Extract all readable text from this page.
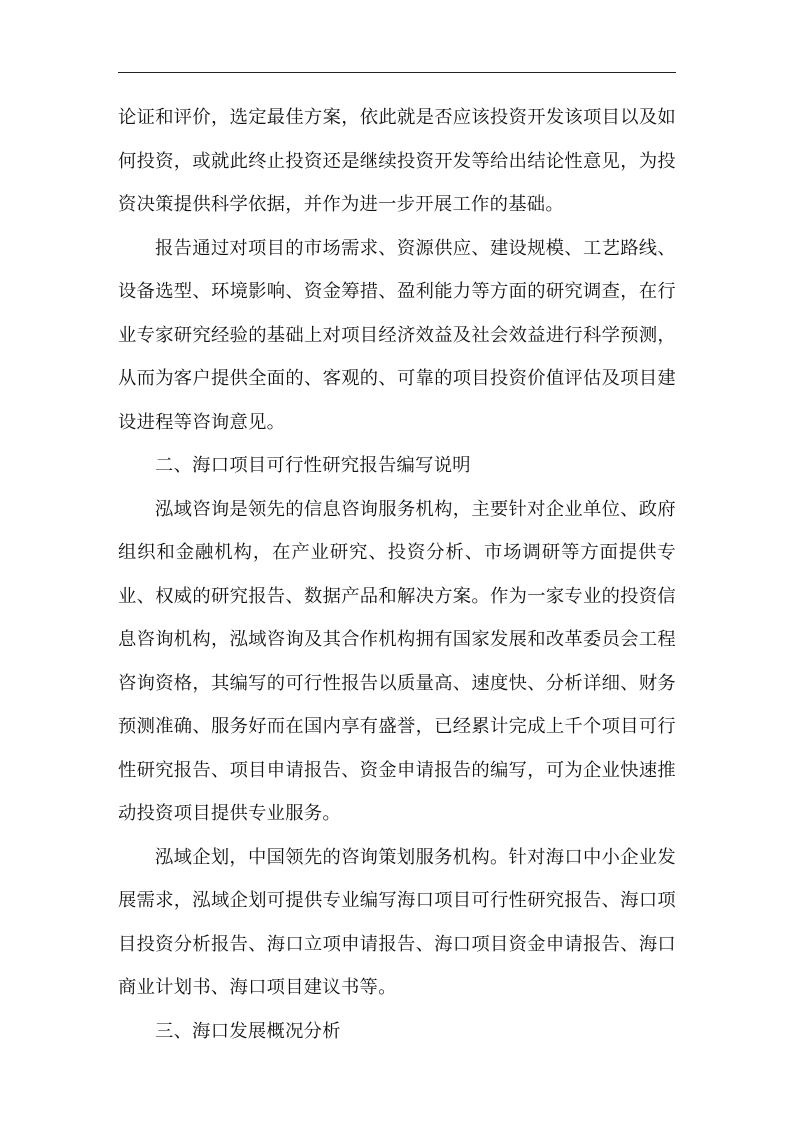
论证和评价，选定最佳方案，依此就是否应该投资开发该项目以及如何投资，或就此终止投资还是继续投资开发等给出结论性意见，为投资决策提供科学依据，并作为进一步开展工作的基础。

报告通过对项目的市场需求、资源供应、建设规模、工艺路线、设备选型、环境影响、资金筹措、盈利能力等方面的研究调查，在行业专家研究经验的基础上对项目经济效益及社会效益进行科学预测，从而为客户提供全面的、客观的、可靠的项目投资价值评估及项目建设进程等咨询意见。

二、海口项目可行性研究报告编写说明

泓域咨询是领先的信息咨询服务机构，主要针对企业单位、政府组织和金融机构，在产业研究、投资分析、市场调研等方面提供专业、权威的研究报告、数据产品和解决方案。作为一家专业的投资信息咨询机构，泓域咨询及其合作机构拥有国家发展和改革委员会工程咨询资格，其编写的可行性报告以质量高、速度快、分析详细、财务预测准确、服务好而在国内享有盛誉，已经累计完成上千个项目可行性研究报告、项目申请报告、资金申请报告的编写，可为企业快速推动投资项目提供专业服务。

泓域企划，中国领先的咨询策划服务机构。针对海口中小企业发展需求，泓域企划可提供专业编写海口项目可行性研究报告、海口项目投资分析报告、海口立项申请报告、海口项目资金申请报告、海口商业计划书、海口项目建议书等。

三、海口发展概况分析
